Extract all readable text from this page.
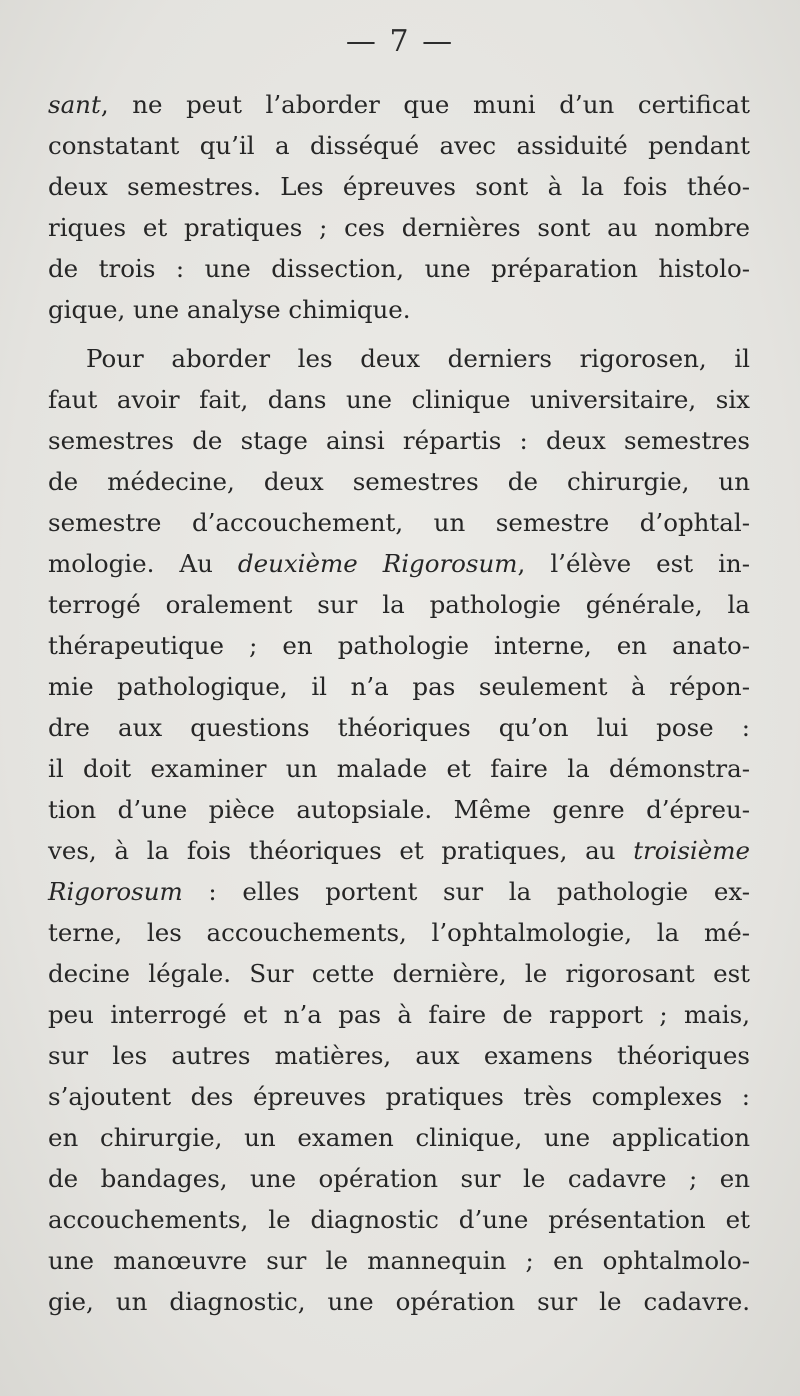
— 7 —
sant, ne peut l’aborder que muni d’un certificat
constatant qu’il a disséqué avec assiduité pendant
deux semestres. Les épreuves sont à la fois théo-
riques et pratiques ; ces dernières sont au nombre
de trois : une dissection, une préparation histolo-
gique, une analyse chimique.
Pour aborder les deux derniers rigorosen, il
faut avoir fait, dans une clinique universitaire, six
semestres de stage ainsi répartis : deux semestres
de médecine, deux semestres de chirurgie, un
semestre d’accouchement, un semestre d’ophtal-
mologie. Au deuxième Rigorosum, l’élève est in-
terrogé oralement sur la pathologie générale, la
thérapeutique ; en pathologie interne, en anato-
mie pathologique, il n’a pas seulement à répon-
dre aux questions théoriques qu’on lui pose :
il doit examiner un malade et faire la démonstra-
tion d’une pièce autopsiale. Même genre d’épreu-
ves, à la fois théoriques et pratiques, au troisième
Rigorosum : elles portent sur la pathologie ex-
terne, les accouchements, l’ophtalmologie, la mé-
decine légale. Sur cette dernière, le rigorosant est
peu interrogé et n’a pas à faire de rapport ; mais,
sur les autres matières, aux examens théoriques
s’ajoutent des épreuves pratiques très complexes :
en chirurgie, un examen clinique, une application
de bandages, une opération sur le cadavre ; en
accouchements, le diagnostic d’une présentation et
une manœuvre sur le mannequin ; en ophtalmolo-
gie, un diagnostic, une opération sur le cadavre.
